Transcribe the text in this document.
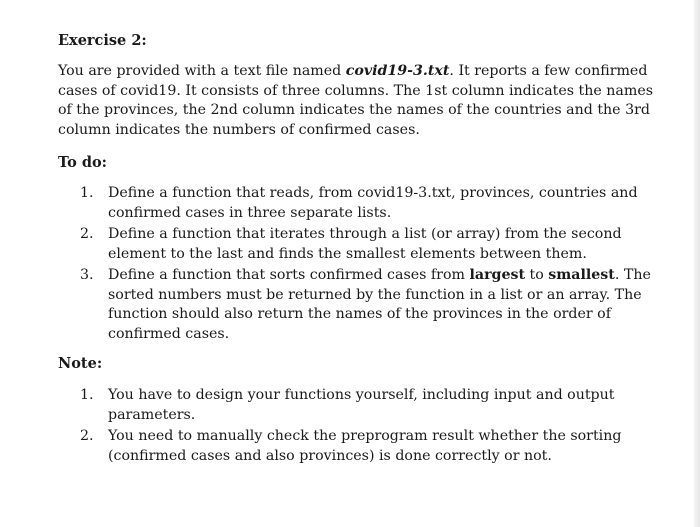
Exercise 2:
You are provided with a text file named covid19-3.txt. It reports a few confirmed cases of covid19. It consists of three columns. The 1st column indicates the names of the provinces, the 2nd column indicates the names of the countries and the 3rd column indicates the numbers of confirmed cases.
To do:
1.	Define a function that reads, from covid19-3.txt, provinces, countries and confirmed cases in three separate lists.
2.	Define a function that iterates through a list (or array) from the second element to the last and finds the smallest elements between them.
3.	Define a function that sorts confirmed cases from largest to smallest. The sorted numbers must be returned by the function in a list or an array. The function should also return the names of the provinces in the order of confirmed cases.
Note:
1.	You have to design your functions yourself, including input and output parameters.
2.	You need to manually check the preprogram result whether the sorting (confirmed cases and also provinces) is done correctly or not.
